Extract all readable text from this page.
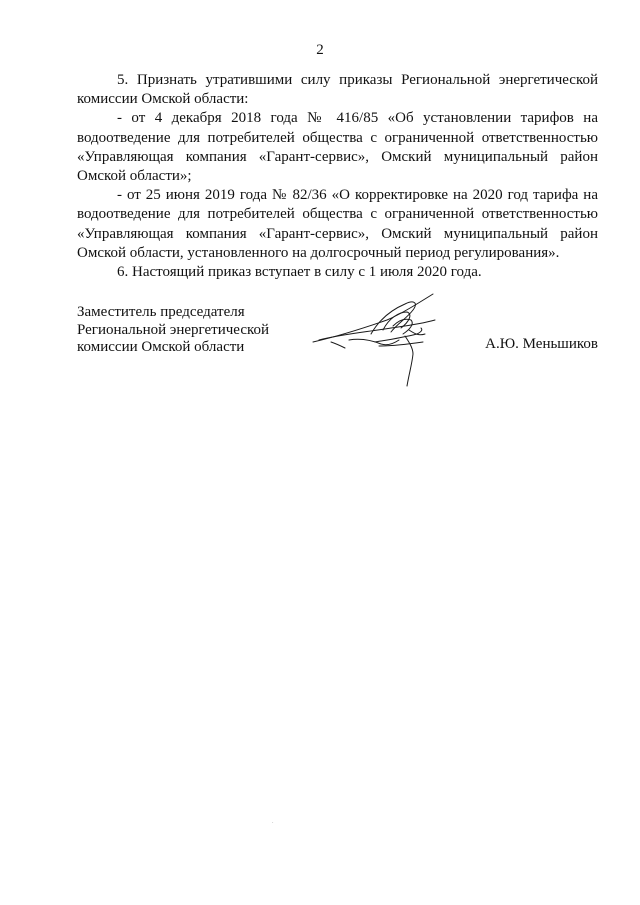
2

5. Признать утратившими силу приказы Региональной энергетической комиссии Омской области:

- от 4 декабря 2018 года № 416/85 «Об установлении тарифов на водоотведение для потребителей общества с ограниченной ответственностью «Управляющая компания «Гарант-сервис», Омский муниципальный район Омской области»;

- от 25 июня 2019 года № 82/36 «О корректировке на 2020 год тарифа на водоотведение для потребителей общества с ограниченной ответственностью «Управляющая компания «Гарант-сервис», Омский муниципальный район Омской области, установленного на долгосрочный период регулирования».

6. Настоящий приказ вступает в силу с 1 июля 2020 года.

Заместитель председателя
Региональной энергетической
комиссии Омской области	А.Ю. Меньшиков
.
